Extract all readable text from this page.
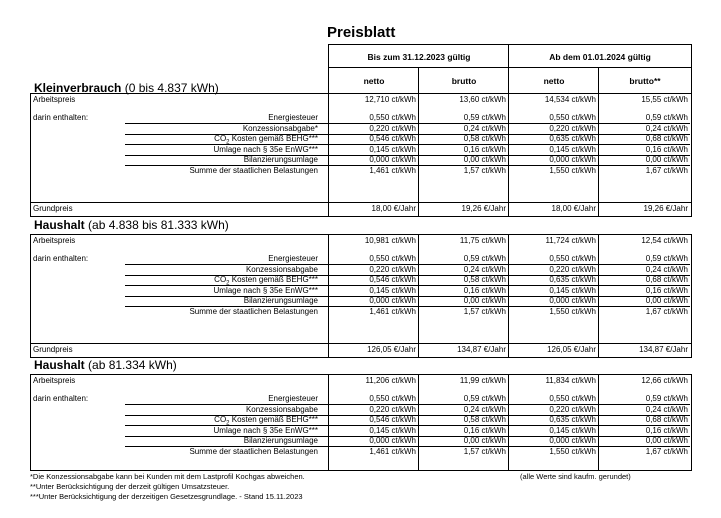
Preisblatt
Bis zum 31.12.2023 gültig	Ab dem 01.01.2024 gültig
netto	brutto	netto	brutto**
Kleinverbrauch (0 bis 4.837 kWh)
Arbeitspreis	12,710 ct/kWh	13,60 ct/kWh	14,534 ct/kWh	15,55 ct/kWh
darin enthalten:	Energiesteuer	0,550 ct/kWh	0,59 ct/kWh	0,550 ct/kWh	0,59 ct/kWh
Konzessionsabgabe*	0,220 ct/kWh	0,24 ct/kWh	0,220 ct/kWh	0,24 ct/kWh
$CO_2$ Kosten gemäß BEHG***	0,546 ct/kWh	0,58 ct/kWh	0,635 ct/kWh	0,68 ct/kWh
Umlage nach § 35e EnWG***	0,145 ct/kWh	0,16 ct/kWh	0,145 ct/kWh	0,16 ct/kWh
Bilanzierungsumlage	0,000 ct/kWh	0,00 ct/kWh	0,000 ct/kWh	0,00 ct/kWh
Summe der staatlichen Belastungen	1,461 ct/kWh	1,57 ct/kWh	1,550 ct/kWh	1,67 ct/kWh
Grundpreis	18,00 €/Jahr	19,26 €/Jahr	18,00 €/Jahr	19,26 €/Jahr
Haushalt (ab 4.838 bis 81.333 kWh)
Arbeitspreis	10,981 ct/kWh	11,75 ct/kWh	11,724 ct/kWh	12,54 ct/kWh
darin enthalten:	Energiesteuer	0,550 ct/kWh	0,59 ct/kWh	0,550 ct/kWh	0,59 ct/kWh
Konzessionsabgabe	0,220 ct/kWh	0,24 ct/kWh	0,220 ct/kWh	0,24 ct/kWh
$CO_2$ Kosten gemäß BEHG***	0,546 ct/kWh	0,58 ct/kWh	0,635 ct/kWh	0,68 ct/kWh
Umlage nach § 35e EnWG***	0,145 ct/kWh	0,16 ct/kWh	0,145 ct/kWh	0,16 ct/kWh
Bilanzierungsumlage	0,000 ct/kWh	0,00 ct/kWh	0,000 ct/kWh	0,00 ct/kWh
Summe der staatlichen Belastungen	1,461 ct/kWh	1,57 ct/kWh	1,550 ct/kWh	1,67 ct/kWh
Grundpreis	126,05 €/Jahr	134,87 €/Jahr	126,05 €/Jahr	134,87 €/Jahr
Haushalt (ab 81.334 kWh)
Arbeitspreis	11,206 ct/kWh	11,99 ct/kWh	11,834 ct/kWh	12,66 ct/kWh
darin enthalten:	Energiesteuer	0,550 ct/kWh	0,59 ct/kWh	0,550 ct/kWh	0,59 ct/kWh
Konzessionsabgabe	0,220 ct/kWh	0,24 ct/kWh	0,220 ct/kWh	0,24 ct/kWh
$CO_2$ Kosten gemäß BEHG***	0,546 ct/kWh	0,58 ct/kWh	0,635 ct/kWh	0,68 ct/kWh
Umlage nach § 35e EnWG***	0,145 ct/kWh	0,16 ct/kWh	0,145 ct/kWh	0,16 ct/kWh
Bilanzierungsumlage	0,000 ct/kWh	0,00 ct/kWh	0,000 ct/kWh	0,00 ct/kWh
Summe der staatlichen Belastungen	1,461 ct/kWh	1,57 ct/kWh	1,550 ct/kWh	1,67 ct/kWh
*Die Konzessionsabgabe kann bei Kunden mit dem Lastprofil Kochgas abweichen.	(alle Werte sind kaufm. gerundet)
**Unter Berücksichtigung der derzeit gültigen Umsatzsteuer.
***Unter Berücksichtigung der derzeitigen Gesetzesgrundlage. - Stand 15.11.2023
